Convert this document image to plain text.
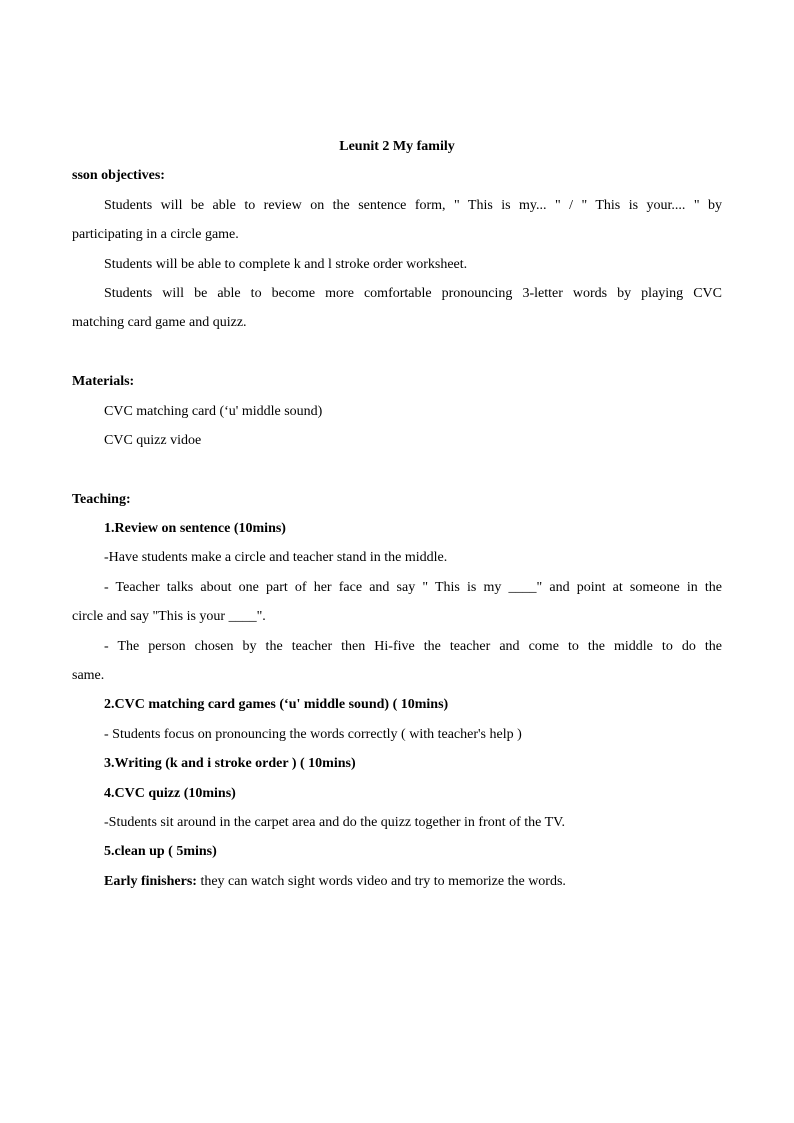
Leunit 2 My family
sson objectives:
Students will be able to review on the sentence form, " This is my... " / " This is your.... " by
participating in a circle game.
Students will be able to complete k and l stroke order worksheet.
Students will be able to become more comfortable pronouncing 3-letter words by playing CVC
matching card game and quizz.
Materials:
CVC matching card (‘u' middle sound)
CVC quizz vidoe
Teaching:
1.Review on sentence (10mins)
-Have students make a circle and teacher stand in the middle.
- Teacher talks about one part of her face and say " This is my ____" and point at someone in the
circle and say "This is your ____".
- The person chosen by the teacher then Hi-five the teacher and come to the middle to do the
same.
2.CVC matching card games (‘u' middle sound) ( 10mins)
- Students focus on pronouncing the words correctly ( with teacher's help )
3.Writing (k and i stroke order ) ( 10mins)
4.CVC quizz (10mins)
-Students sit around in the carpet area and do the quizz together in front of the TV.
5.clean up ( 5mins)
Early finishers: they can watch sight words video and try to memorize the words.
